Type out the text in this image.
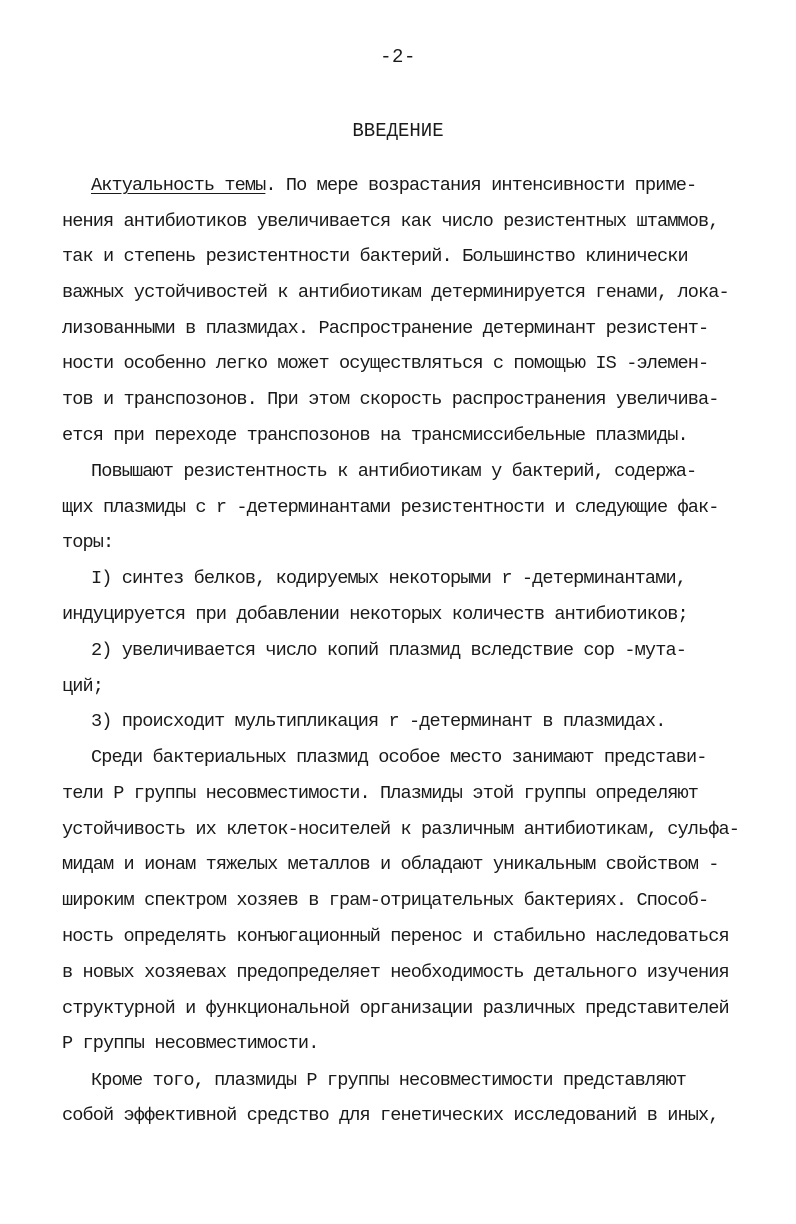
-2-
ВВЕДЕНИЕ
Актуальность темы. По мере возрастания интенсивности приме-
нения антибиотиков увеличивается как число резистентных штаммов,
так и степень резистентности бактерий. Большинство клинически
важных устойчивостей к антибиотикам детерминируется генами, лока-
лизованными в плазмидах. Распространение детерминант резистент-
ности особенно легко может осуществляться с помощью IS -элемен-
тов и транспозонов. При этом скорость распространения увеличива-
ется при переходе транспозонов на трансмиссибельные плазмиды.
Повышают резистентность к антибиотикам у бактерий, содержа-
щих плазмиды с r -детерминантами резистентности и следующие фак-
торы:
I) синтез белков, кодируемых некоторыми r -детерминантами,
индуцируется при добавлении некоторых количеств антибиотиков;
2) увеличивается число копий плазмид вследствие cop -мута-
ций;
3) происходит мультипликация r -детерминант в плазмидах.
Среди бактериальных плазмид особое место занимают представи-
тели Р группы несовместимости. Плазмиды этой группы определяют
устойчивость их клеток-носителей к различным антибиотикам, сульфа-
мидам и ионам тяжелых металлов и обладают уникальным свойством -
широким спектром хозяев в грам-отрицательных бактериях. Способ-
ность определять конъюгационный перенос и стабильно наследоваться
в новых хозяевах предопределяет необходимость детального изучения
структурной и функциональной организации различных представителей
Р группы несовместимости.
Кроме того, плазмиды Р группы несовместимости представляют
собой эффективной средство для генетических исследований в иных,
